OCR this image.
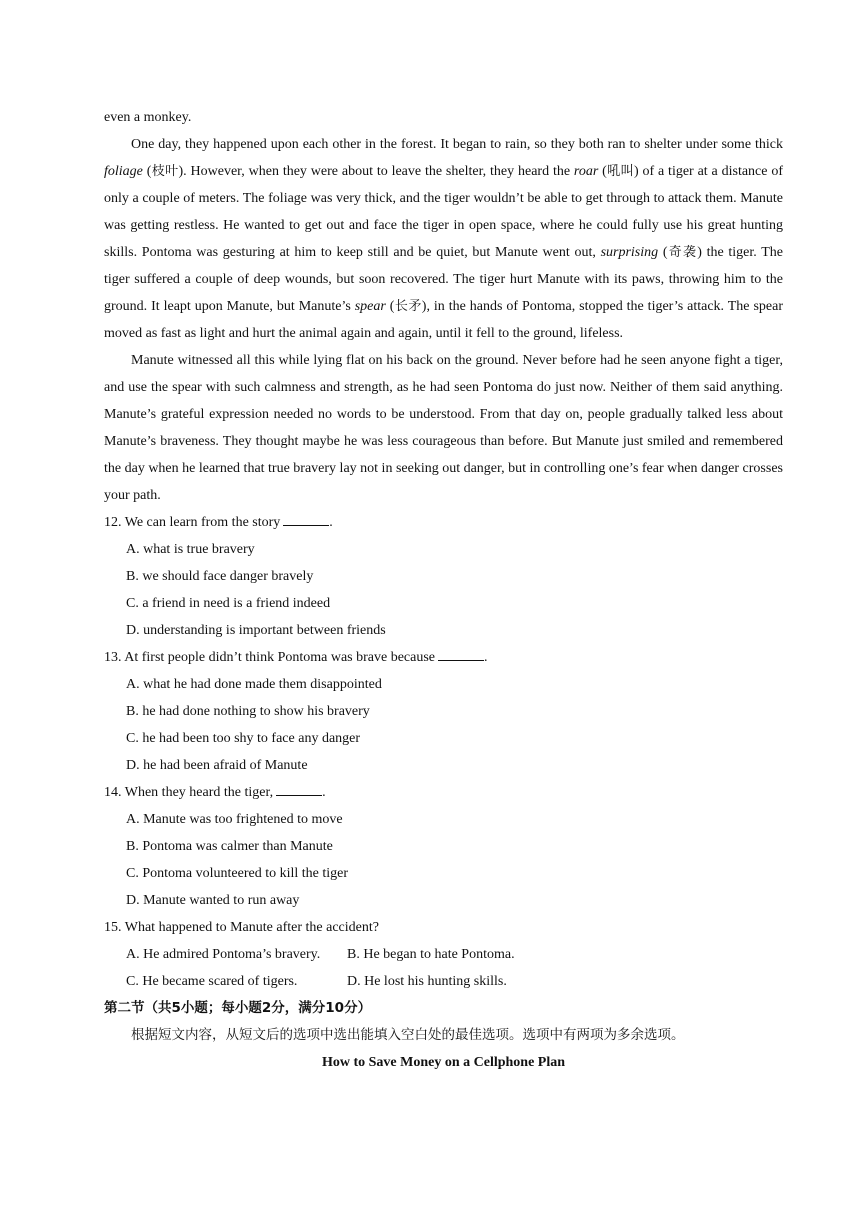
even a monkey.
One day, they happened upon each other in the forest. It began to rain, so they both ran to shelter under some thick foliage (枝叶). However, when they were about to leave the shelter, they heard the roar (吼叫) of a tiger at a distance of only a couple of meters. The foliage was very thick, and the tiger wouldn’t be able to get through to attack them. Manute was getting restless. He wanted to get out and face the tiger in open space, where he could fully use his great hunting skills. Pontoma was gesturing at him to keep still and be quiet, but Manute went out, surprising (奇袭) the tiger. The tiger suffered a couple of deep wounds, but soon recovered. The tiger hurt Manute with its paws, throwing him to the ground. It leapt upon Manute, but Manute’s spear (长矛), in the hands of Pontoma, stopped the tiger’s attack. The spear moved as fast as light and hurt the animal again and again, until it fell to the ground, lifeless.
Manute witnessed all this while lying flat on his back on the ground. Never before had he seen anyone fight a tiger, and use the spear with such calmness and strength, as he had seen Pontoma do just now. Neither of them said anything. Manute’s grateful expression needed no words to be understood. From that day on, people gradually talked less about Manute’s braveness. They thought maybe he was less courageous than before. But Manute just smiled and remembered the day when he learned that true bravery lay not in seeking out danger, but in controlling one’s fear when danger crosses your path.
12. We can learn from the story	.
A. what is true bravery
B. we should face danger bravely
C. a friend in need is a friend indeed
D. understanding is important between friends
13. At first people didn’t think Pontoma was brave because	.
A. what he had done made them disappointed
B. he had done nothing to show his bravery
C. he had been too shy to face any danger
D. he had been afraid of Manute
14. When they heard the tiger,	.
A. Manute was too frightened to move
B. Pontoma was calmer than Manute
C. Pontoma volunteered to kill the tiger
D. Manute wanted to run away
15. What happened to Manute after the accident?
A. He admired Pontoma’s bravery. B. He began to hate Pontoma.
C. He became scared of tigers.	D. He lost his hunting skills.
第二节（共5小题；每小题2分，满分10分）
根据短文内容，从短文后的选项中选出能填入空白处的最佳选项。选项中有两项为多余选项。
How to Save Money on a Cellphone Plan
